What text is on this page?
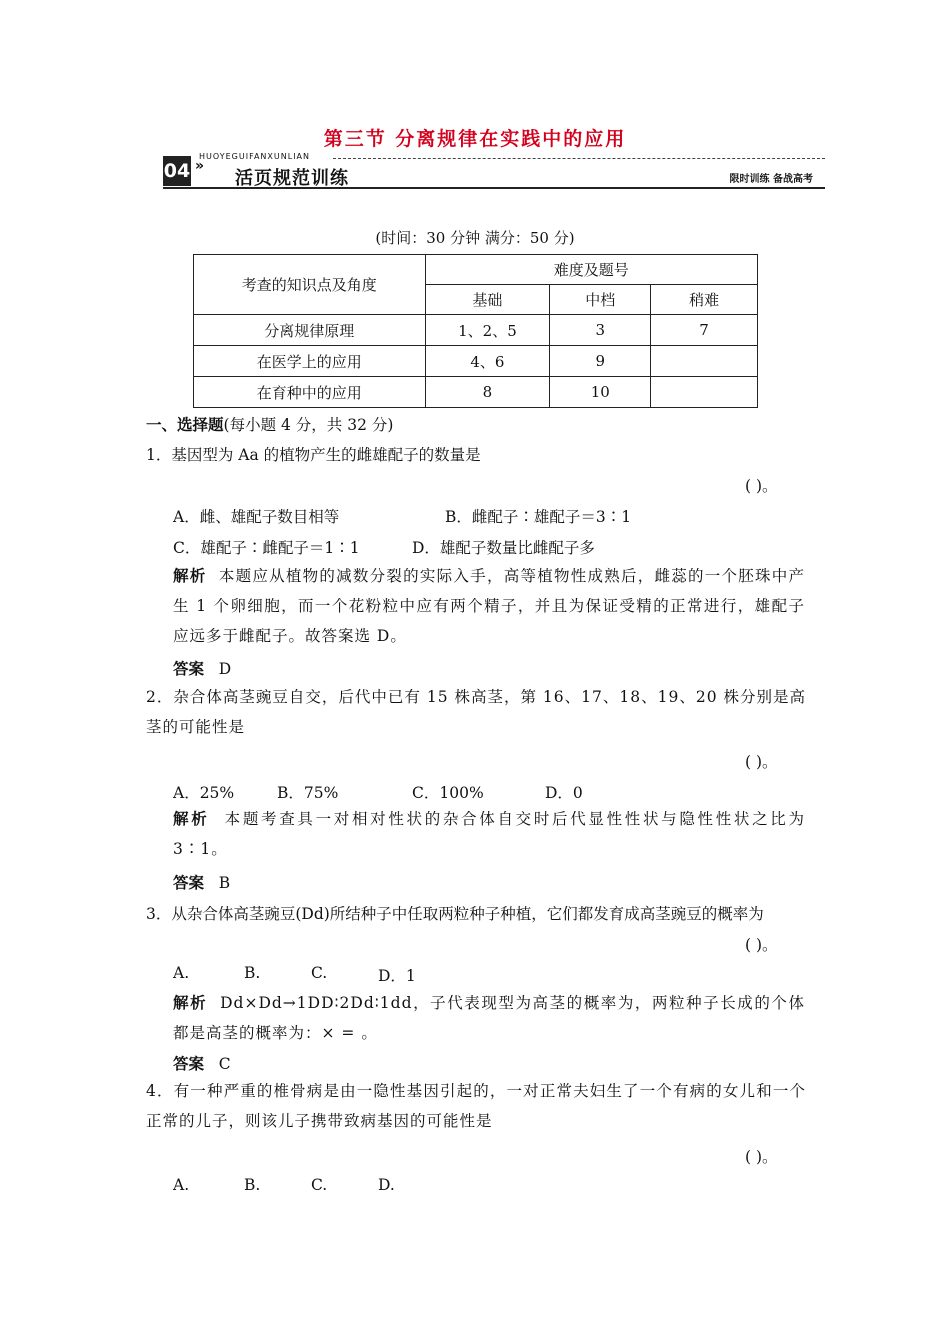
第三节 分离规律在实践中的应用
04
HUOYEGUIFANXUNLIAN
»
活页规范训练	限时训练 备战高考
(时间：30 分钟 满分：50 分)
考查的知识点及角度	难度及题号		
	基础	中档	稍难
分离规律原理	1、2、5	3	7
在医学上的应用	4、6	9	
在育种中的应用	8	10	
一、选择题(每小题 4 分，共 32 分)
1．基因型为 Aa 的植物产生的雌雄配子的数量是
( )。
A．雌、雄配子数目相等	B．雌配子∶雄配子＝3∶1
C．雄配子∶雌配子＝1∶1	D．雄配子数量比雌配子多
解析 本题应从植物的减数分裂的实际入手，高等植物性成熟后，雌蕊的一个胚珠中产生 1 个卵细胞，而一个花粉粒中应有两个精子，并且为保证受精的正常进行，雄配子应远多于雌配子。故答案选 D。
答案 D
2．杂合体高茎豌豆自交，后代中已有 15 株高茎，第 16、17、18、19、20 株分别是高茎的可能性是
( )。
A．25%	B．75%	C．100%	D．0
解析 本题考查具一对相对性状的杂合体自交时后代显性性状与隐性性状之比为 3∶1。
答案 B
3．从杂合体高茎豌豆(Dd)所结种子中任取两粒种子种植，它们都发育成高茎豌豆的概率为
( )。
A.	B.	C.	D．1
解析 Dd×Dd→1DD∶2Dd∶1dd，子代表现型为高茎的概率为，两粒种子长成的个体都是高茎的概率为：× = 。
答案 C
4．有一种严重的椎骨病是由一隐性基因引起的，一对正常夫妇生了一个有病的女儿和一个正常的儿子，则该儿子携带致病基因的可能性是
( )。
A.	B.	C.	D.
